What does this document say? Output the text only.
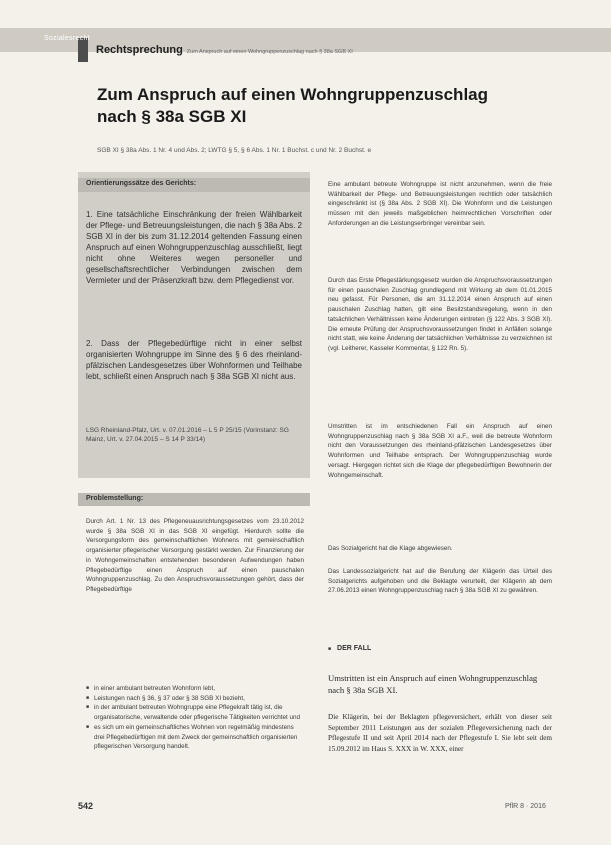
Sozialesrecht
Rechtsprechung Zum Anspruch auf einen Wohngruppenzuschlag nach § 38a SGB XI
Zum Anspruch auf einen Wohngruppenzuschlag nach § 38a SGB XI
SGB XI § 38a Abs. 1 Nr. 4 und Abs. 2; LWTG § 5, § 6 Abs. 1 Nr. 1 Buchst. c und Nr. 2 Buchst. e
Orientierungssätze des Gerichts:
1. Eine tatsächliche Einschränkung der freien Wählbarkeit der Pflege- und Betreuungsleistungen, die nach § 38a Abs. 2 SGB XI in der bis zum 31.12.2014 geltenden Fassung einen Anspruch auf einen Wohngruppenzuschlag ausschließt, liegt nicht ohne Weiteres wegen personeller und gesellschaftsrechtlicher Verbindungen zwischen dem Vermieter und der Präsenzkraft bzw. dem Pflegedienst vor.
2. Dass der Pflegebedürftige nicht in einer selbst organisierten Wohngruppe im Sinne des § 6 des rheinland-pfälzischen Landesgesetzes über Wohnformen und Teilhabe lebt, schließt einen Anspruch nach § 38a SGB XI nicht aus.
LSG Rheinland-Pfalz, Urt. v. 07.01.2016 – L 5 P 25/15 (Vorinstanz: SG Mainz, Urt. v. 27.04.2015 – S 14 P 33/14)
Problemstellung:
Durch Art. 1 Nr. 13 des Pflegeneuausrichtungsgesetzes vom 23.10.2012 wurde § 38a SGB XI in das SGB XI eingefügt. Hierdurch sollte die Versorgungsform des gemeinschaftlichen Wohnens mit gemeinschaftlich organisierter pflegerischer Versorgung gestärkt werden. Zur Finanzierung der in Wohngemeinschaften entstehenden besonderen Aufwendungen haben Pflegebedürftige einen Anspruch auf einen pauschalen Wohngruppenzuschlag. Zu den Anspruchsvoraussetzungen gehört, dass der Pflegebedürftige
■ in einer ambulant betreuten Wohnform lebt,
■ Leistungen nach § 36, § 37 oder § 38 SGB XI bezieht,
■ in der ambulant betreuten Wohngruppe eine Pflegekraft tätig ist, die organisatorische, verwaltende oder pflegerische Tätigkeiten verrichtet und
■ es sich um ein gemeinschaftliches Wohnen von regelmäßig mindestens drei Pflegebedürftigen mit dem Zweck der gemeinschaftlich organisierten pflegerischen Versorgung handelt.
Eine ambulant betreute Wohngruppe ist nicht anzunehmen, wenn die freie Wählbarkeit der Pflege- und Betreuungsleistungen rechtlich oder tatsächlich eingeschränkt ist (§ 38a Abs. 2 SGB XI). Die Wohnform und die Leistungen müssen mit den jeweils maßgeblichen heimrechtlichen Vorschriften oder Anforderungen an die Leistungserbringer vereinbar sein.
Durch das Erste Pflegestärkungsgesetz wurden die Anspruchsvoraussetzungen für einen pauschalen Zuschlag grundlegend mit Wirkung ab dem 01.01.2015 neu gefasst. Für Personen, die am 31.12.2014 einen Anspruch auf einen pauschalen Zuschlag hatten, gilt eine Besitzstandsregelung, wenn in den tatsächlichen Verhältnissen keine Änderungen eintreten (§ 122 Abs. 3 SGB XI). Die erneute Prüfung der Anspruchsvoraussetzungen findet in Anfällen solange nicht statt, wie keine Änderung der tatsächlichen Verhältnisse zu verzeichnen ist (vgl. Leitherer, Kasseler Kommentar, § 122 Rn. 5).
Umstritten ist im entschiedenen Fall ein Anspruch auf einen Wohngruppenzuschlag nach § 38a SGB XI a.F., weil die betreute Wohnform nicht den Voraussetzungen des rheinland-pfälzischen Landesgesetzes über Wohnformen und Teilhabe entsprach. Der Wohngruppenzuschlag wurde versagt. Hiergegen richtet sich die Klage der pflegebedürftigen Bewohnerin der Wohngemeinschaft.
Das Sozialgericht hat die Klage abgewiesen.
Das Landessozialgericht hat auf die Berufung der Klägerin das Urteil des Sozialgerichts aufgehoben und die Beklagte verurteilt, der Klägerin ab dem 27.06.2013 einen Wohngruppenzuschlag nach § 38a SGB XI zu gewähren.
■ DER FALL
Umstritten ist ein Anspruch auf einen Wohngruppenzuschlag nach § 38a SGB XI.
Die Klägerin, bei der Beklagten pflegeversichert, erhält von dieser seit September 2011 Leistungen aus der sozialen Pflegeversicherung nach der Pflegestufe II und seit April 2014 nach der Pflegestufe I. Sie lebt seit dem 15.09.2012 im Haus S. XXX in W. XXX, einer
542	PflR 8 · 2016
